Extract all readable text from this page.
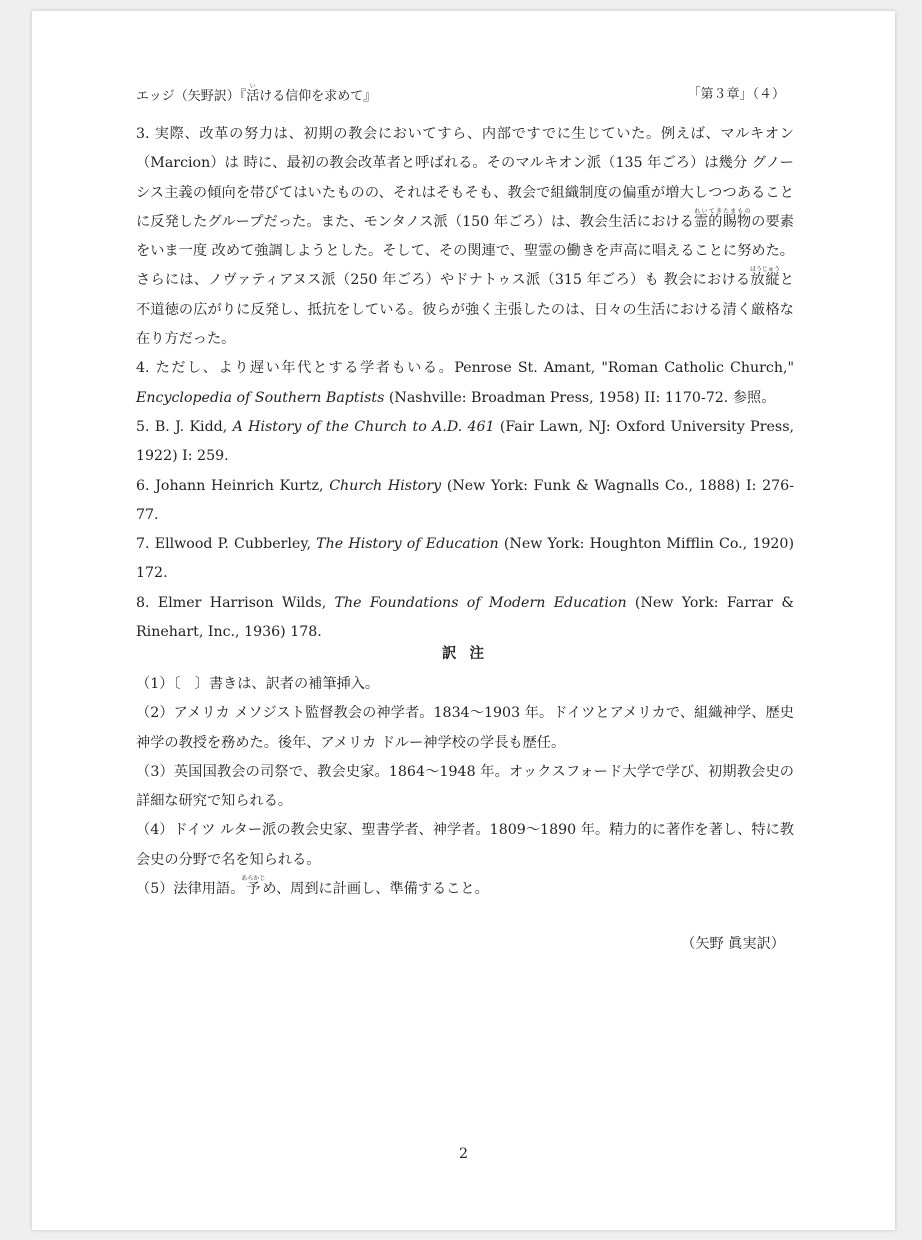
エッジ（矢野訳）『活いける信仰を求めて』	「第３章」（４）

3. 実際、改革の努力は、初期の教会においてすら、内部ですでに生じていた。例えば、マルキオン（Marcion）は 時に、最初の教会改革者と呼ばれる。そのマルキオン派（135 年ごろ）は幾分 グノーシス主義の傾向を帯びてはいたものの、それはそもそも、教会で組織制度の偏重が増大しつつあることに反発したグループだった。また、モンタノス派（150 年ごろ）は、教会生活における霊的れいてき賜物たまものの要素をいま一度 改めて強調しようとした。そして、その関連で、聖霊の働きを声高に唱えることに努めた。さらには、ノヴァティアヌス派（250 年ごろ）やドナトゥス派（315 年ごろ）も 教会における放縦ほうじゅうと不道徳の広がりに反発し、抵抗をしている。彼らが強く主張したのは、日々の生活における清く厳格な在り方だった。

4. ただし、より遅い年代とする学者もいる。Penrose St. Amant, "Roman Catholic Church," Encyclopedia of Southern Baptists (Nashville: Broadman Press, 1958) II: 1170-72. 参照。

5. B. J. Kidd, A History of the Church to A.D. 461 (Fair Lawn, NJ: Oxford University Press, 1922) I: 259.

6. Johann Heinrich Kurtz, Church History (New York: Funk & Wagnalls Co., 1888) I: 276-77.

7. Ellwood P. Cubberley, The History of Education (New York: Houghton Mifflin Co., 1920) 172.

8. Elmer Harrison Wilds, The Foundations of Modern Education (New York: Farrar & Rinehart, Inc., 1936) 178.

訳 注

（1）〔　〕書きは、訳者の補筆挿入。

（2）アメリカ メソジスト監督教会の神学者。1834～1903 年。ドイツとアメリカで、組織神学、歴史神学の教授を務めた。後年、アメリカ ドルー神学校の学長も歴任。

（3）英国国教会の司祭で、教会史家。1864～1948 年。オックスフォード大学で学び、初期教会史の詳細な研究で知られる。

（4）ドイツ ルター派の教会史家、聖書学者、神学者。1809～1890 年。精力的に著作を著し、特に教会史の分野で名を知られる。

（5）法律用語。予あらかじめ、周到に計画し、準備すること。

（矢野 眞実訳）
2
